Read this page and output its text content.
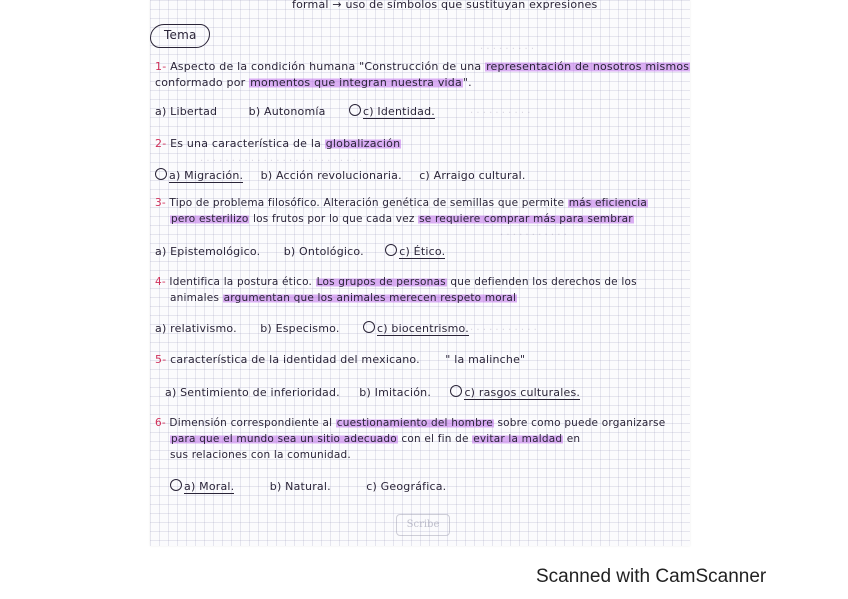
· · · · · · · · ·
· · · · · · · · · ·
· · · · · · · · · · · · · · · · · · · · · · · · · ·
· · · · · · · · · · ·
· · · · · · · · · · ·
formal → uso de símbolos que sustituyan expresiones
Tema
1- Aspecto de la condición humana "Construcción de una representación de nosotros mismos
conformado por momentos que integran nuestra vida".
a) Libertad	b) Autonomía	c) Identidad.
2- Es una característica de la globalización
a) Migración. b) Acción revolucionaria. c) Arraigo cultural.
3- Tipo de problema filosófico. Alteración genética de semillas que permite más eficiencia
pero esterilizo los frutos por lo que cada vez se requiere comprar más para sembrar
a) Epistemológico. b) Ontológico.	c) Ético.
4- Identifica la postura ético. Los grupos de personas que defienden los derechos de los
animales argumentan que los animales merecen respeto moral
a) relativismo. b) Especismo.	c) biocentrismo.
5- característica de la identidad del mexicano. " la malinche"
a) Sentimiento de inferioridad. b) Imitación.	c) rasgos culturales.
6- Dimensión correspondiente al cuestionamiento del hombre sobre como puede organizarse
para que el mundo sea un sitio adecuado con el fin de evitar la maldad en
sus relaciones con la comunidad.
a) Moral.	b) Natural.	c) Geográfica.
Scribe
Scanned with CamScanner
